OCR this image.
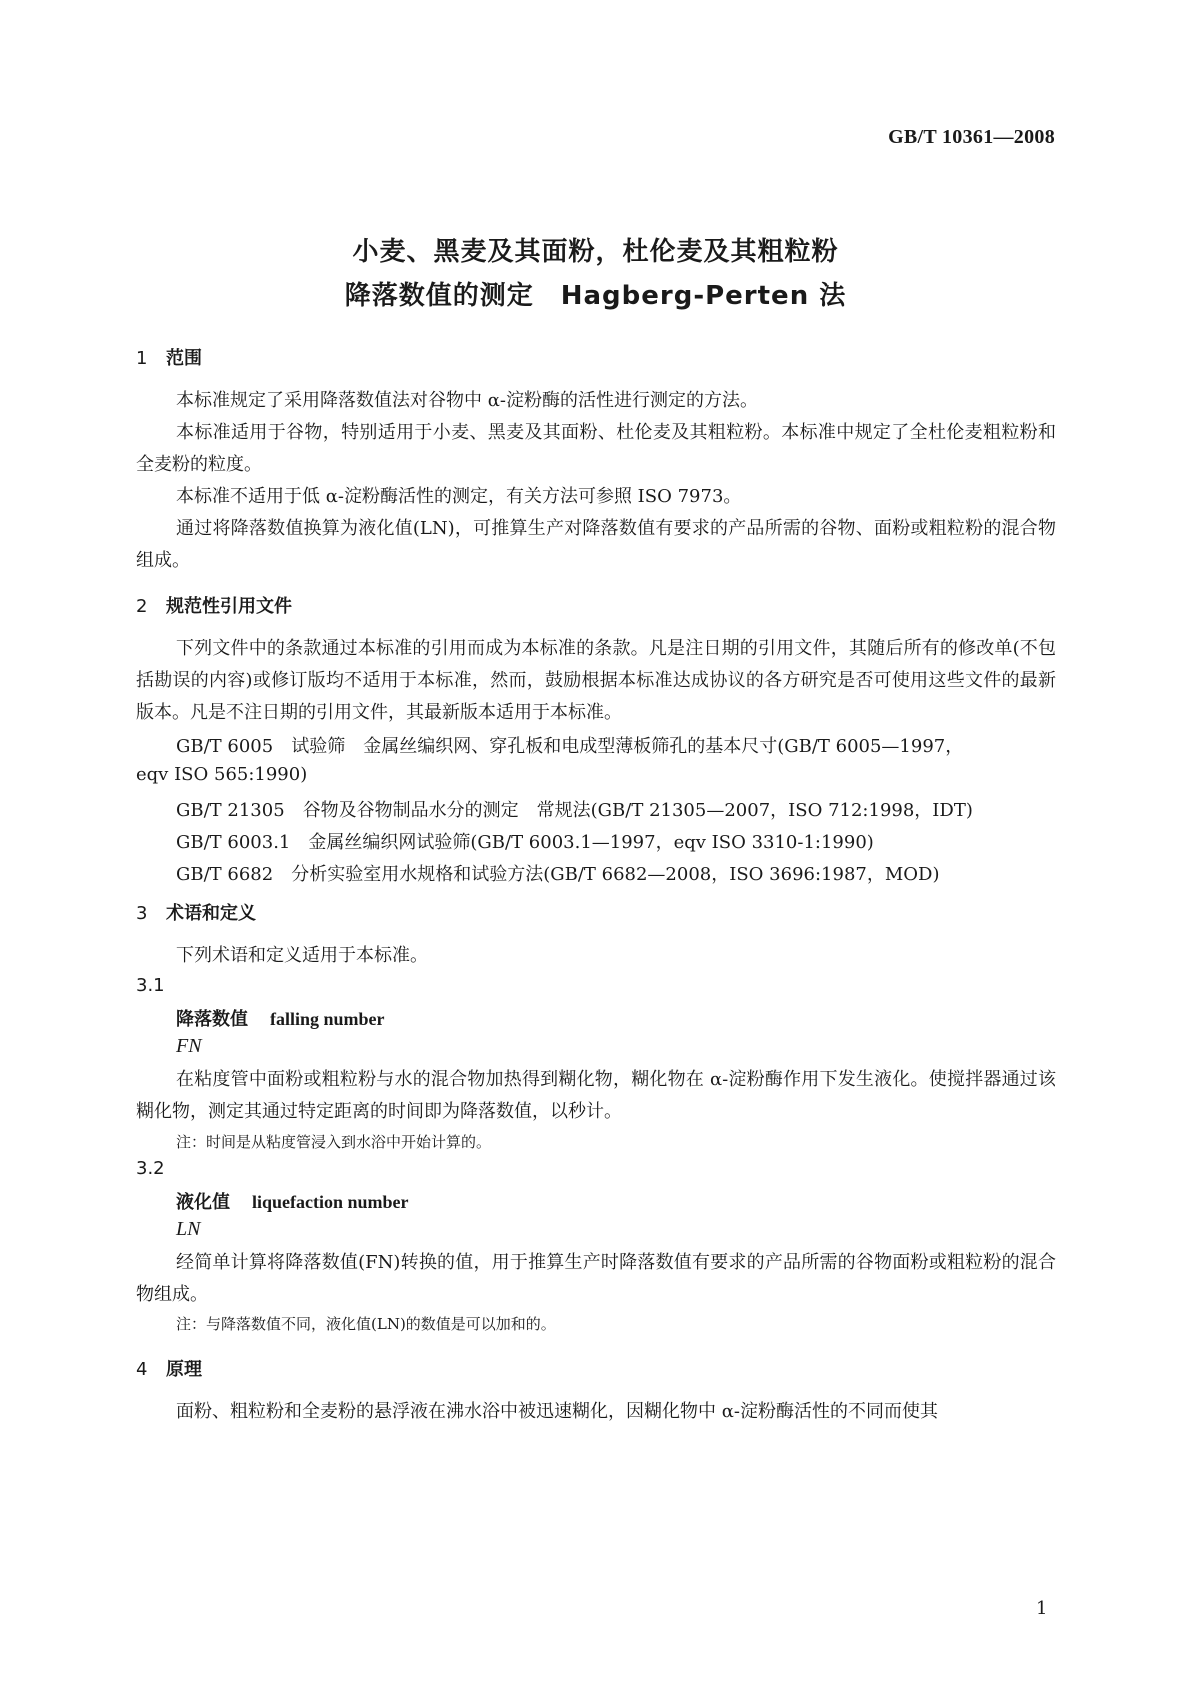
GB/T 10361—2008
小麦、黑麦及其面粉，杜伦麦及其粗粒粉
降落数值的测定　Hagberg-Perten 法
1 范围
本标准规定了采用降落数值法对谷物中 α-淀粉酶的活性进行测定的方法。
本标准适用于谷物，特别适用于小麦、黑麦及其面粉、杜伦麦及其粗粒粉。本标准中规定了全杜伦麦粗粒粉和全麦粉的粒度。
本标准不适用于低 α-淀粉酶活性的测定，有关方法可参照 ISO 7973。
通过将降落数值换算为液化值(LN)，可推算生产对降落数值有要求的产品所需的谷物、面粉或粗粒粉的混合物组成。
2 规范性引用文件
下列文件中的条款通过本标准的引用而成为本标准的条款。凡是注日期的引用文件，其随后所有的修改单(不包括勘误的内容)或修订版均不适用于本标准，然而，鼓励根据本标准达成协议的各方研究是否可使用这些文件的最新版本。凡是不注日期的引用文件，其最新版本适用于本标准。
GB/T 6005　试验筛　金属丝编织网、穿孔板和电成型薄板筛孔的基本尺寸(GB/T 6005—1997，
eqv ISO 565:1990)
GB/T 21305　谷物及谷物制品水分的测定　常规法(GB/T 21305—2007，ISO 712:1998，IDT)
GB/T 6003.1　金属丝编织网试验筛(GB/T 6003.1—1997，eqv ISO 3310-1:1990)
GB/T 6682　分析实验室用水规格和试验方法(GB/T 6682—2008，ISO 3696:1987，MOD)
3 术语和定义
下列术语和定义适用于本标准。
3.1
降落数值 falling number
FN
在粘度管中面粉或粗粒粉与水的混合物加热得到糊化物，糊化物在 α-淀粉酶作用下发生液化。使搅拌器通过该糊化物，测定其通过特定距离的时间即为降落数值，以秒计。
注：时间是从粘度管浸入到水浴中开始计算的。
3.2
液化值 liquefaction number
LN
经简单计算将降落数值(FN)转换的值，用于推算生产时降落数值有要求的产品所需的谷物面粉或粗粒粉的混合物组成。
注：与降落数值不同，液化值(LN)的数值是可以加和的。
4 原理
面粉、粗粒粉和全麦粉的悬浮液在沸水浴中被迅速糊化，因糊化物中 α-淀粉酶活性的不同而使其
1
